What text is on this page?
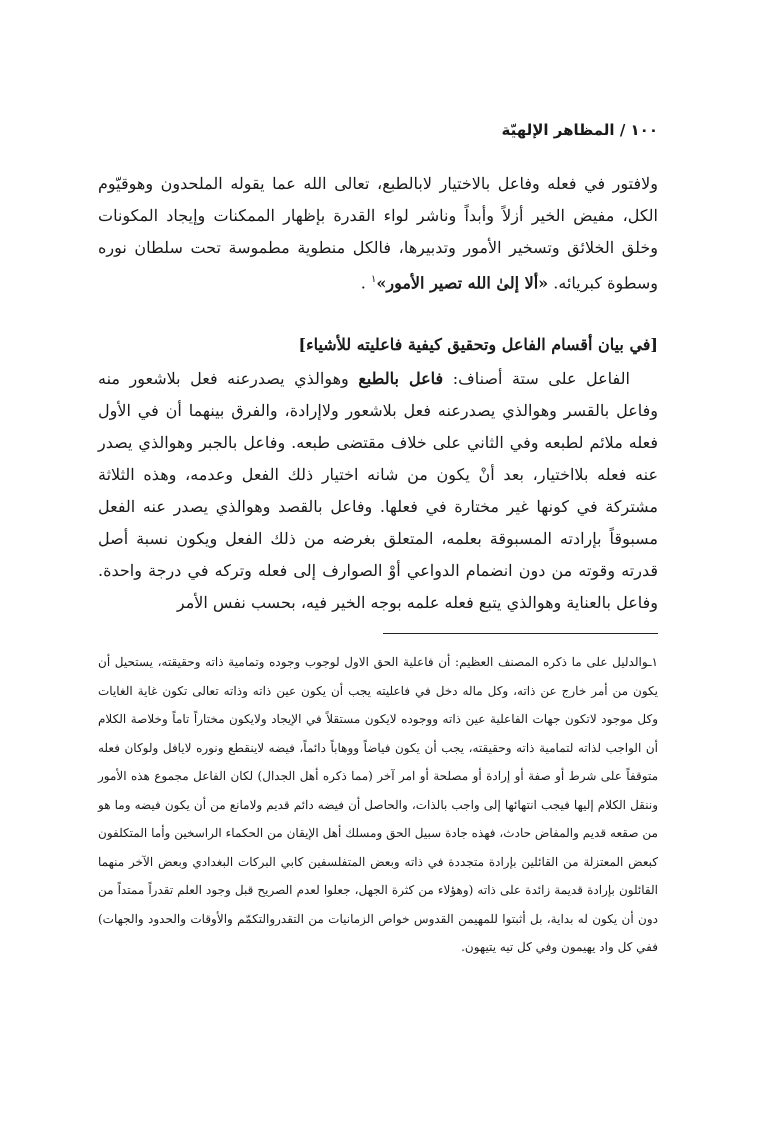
١٠٠ / المظاهر الإلهيّة

ولافتور في فعله وفاعل بالاختيار لابالطبع، تعالى الله عما يقوله الملحدون وهوقيّوم الكل، مفيض الخير أزلاً وأبداً وناشر لواء القدرة بإظهار الممكنات وإيجاد المكونات وخلق الخلائق وتسخير الأمور وتدبيرها، فالكل منطوية مطموسة تحت سلطان نوره وسطوة كبريائه. «ألا إلىٰ الله تصير الأمور»$^١$ .

[في بيان أقسام الفاعل وتحقيق كيفية فاعليته للأشياء]

الفاعل على ستة أصناف: فاعل بالطبع وهوالذي يصدرعنه فعل بلاشعور منه وفاعل بالقسر وهوالذي يصدرعنه فعل بلاشعور ولاإرادة، والفرق بينهما أن في الأول فعله ملائم لطبعه وفي الثاني على خلاف مقتضى طبعه. وفاعل بالجبر وهوالذي يصدر عنه فعله بلااختيار، بعد أنْ يكون من شانه اختيار ذلك الفعل وعدمه، وهذه الثلاثة مشتركة في كونها غير مختارة في فعلها. وفاعل بالقصد وهوالذي يصدر عنه الفعل مسبوقاً بإرادته المسبوقة بعلمه، المتعلق بغرضه من ذلك الفعل ويكون نسبة أصل قدرته وقوته من دون انضمام الدواعي أوْ الصوارف إلى فعله وتركه في درجة واحدة. وفاعل بالعناية وهوالذي يتبع فعله علمه بوجه الخير فيه، بحسب نفس الأمر

١ـوالدليل على ما ذكره المصنف العظيم: أن فاعلية الحق الاول لوجوب وجوده وتمامية ذاته وحقيقته، يستحيل أن يكون من أمر خارج عن ذاته، وكل ماله دخل في فاعليته يجب أن يكون عين ذاته وذاته تعالى تكون غاية الغايات وكل موجود لاتكون جهات الفاعلية عين ذاته ووجوده لايكون مستقلاً في الإيجاد ولايكون مختاراً تاماً وخلاصة الكلام أن الواجب لذاته لتمامية ذاته وحقيقته، يجب أن يكون فياضاً ووهاباً دائماً، فيضه لاينقطع ونوره لايافل ولوكان فعله متوقفاً على شرط أو صفة أو إرادة أو مصلحة أو امر آخر (مما ذكره أهل الجدال) لكان الفاعل مجموع هذه الأمور وننقل الكلام إليها فيجب انتهائها إلى واجب بالذات، والحاصل أن فيضه دائم قديم ولامانع من أن يكون فيضه وما هو من صقعه قديم والمفاض حادث، فهذه جادة سبيل الحق ومسلك أهل الإيقان من الحكماء الراسخين وأما المتكلفون كبعض المعتزلة من القائلين بإرادة متجددة في ذاته وبعض المتفلسفين كابي البركات البغدادي وبعض الآخر منهما القائلون بإرادة قديمة زائدة على ذاته (وهؤلاء من كثرة الجهل، جعلوا لعدم الصريح قبل وجود العلم تقدراً ممتداً من دون أن يكون له بداية، بل أثبتوا للمهيمن القدوس خواص الزمانيات من التقدروالتكمّم والأوقات والحدود والجهات) ففي كل واد يهيمون وفي كل تيه يتيهون.
